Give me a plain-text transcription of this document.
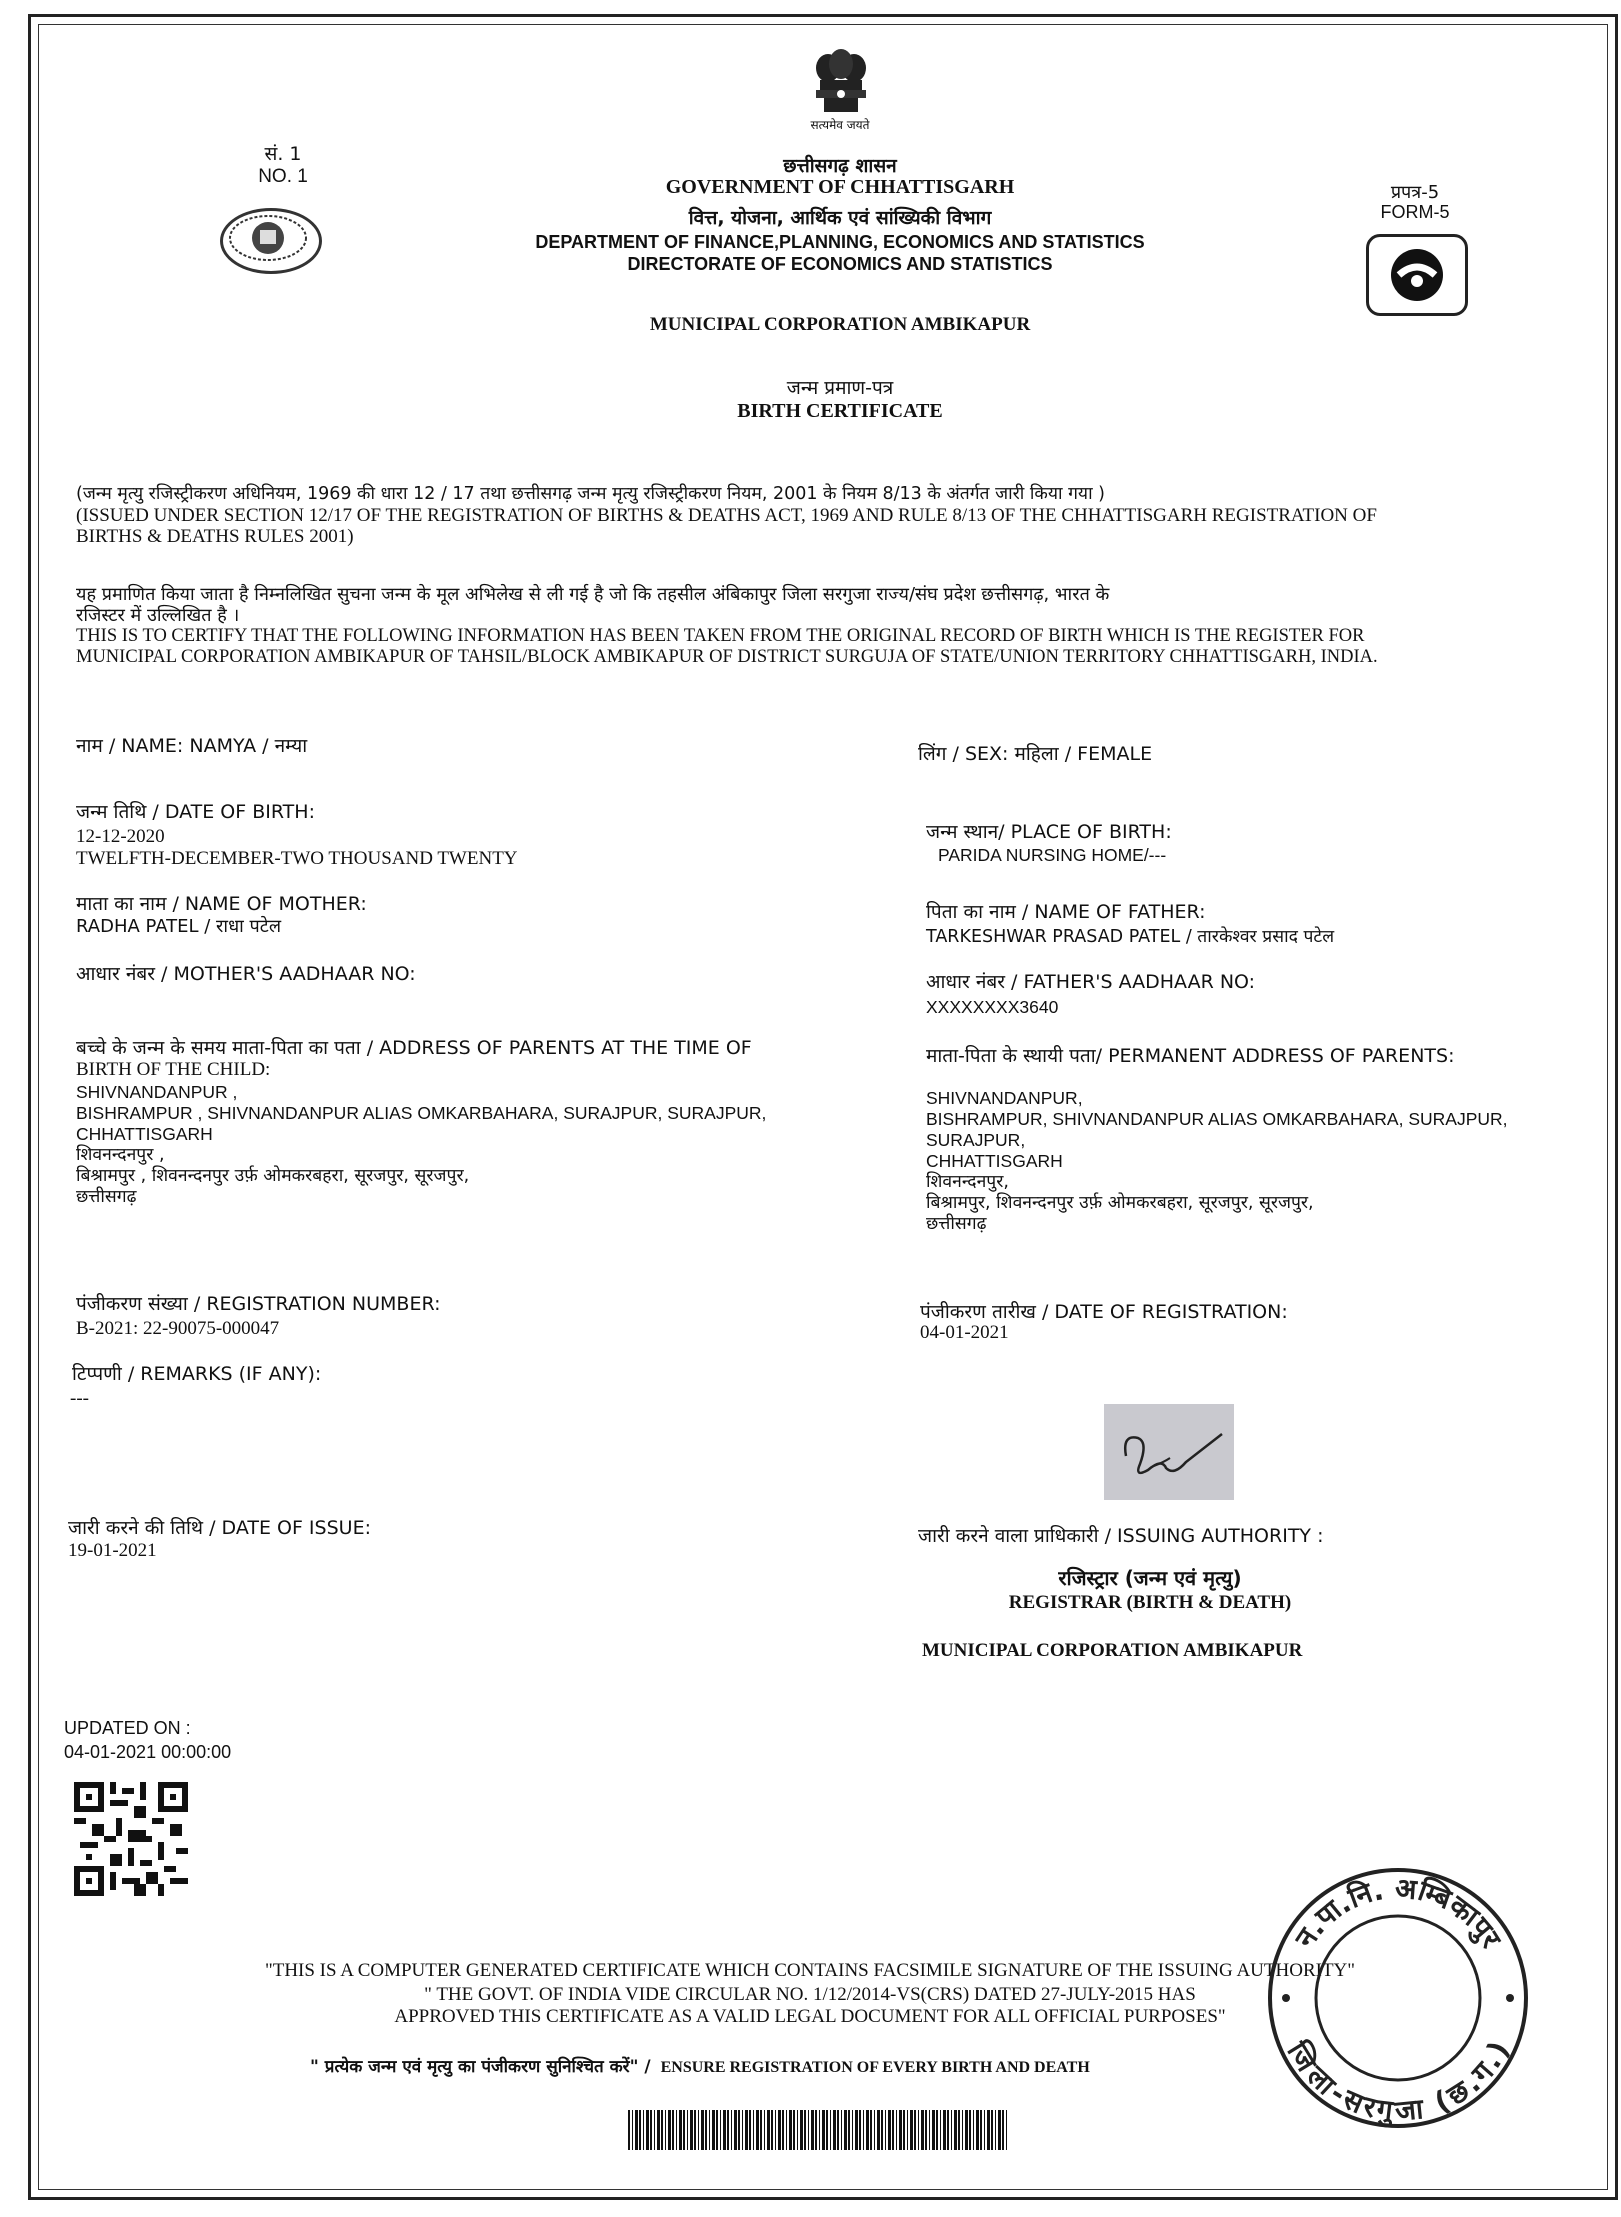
सत्यमेव जयते
सं. 1
NO. 1
प्रपत्र-5
FORM-5
छत्तीसगढ़ शासन
GOVERNMENT OF CHHATTISGARH
वित्त, योजना, आर्थिक एवं सांख्यिकी विभाग
DEPARTMENT OF FINANCE,PLANNING, ECONOMICS AND STATISTICS
DIRECTORATE OF ECONOMICS AND STATISTICS
MUNICIPAL CORPORATION AMBIKAPUR
जन्म प्रमाण-पत्र
BIRTH CERTIFICATE
(जन्म मृत्यु रजिस्ट्रीकरण अधिनियम, 1969 की धारा 12 / 17 तथा छत्तीसगढ़ जन्म मृत्यु रजिस्ट्रीकरण नियम, 2001 के नियम 8/13 के अंतर्गत जारी किया गया )
(ISSUED UNDER SECTION 12/17 OF THE REGISTRATION OF BIRTHS & DEATHS ACT, 1969 AND RULE 8/13 OF THE CHHATTISGARH REGISTRATION OF
BIRTHS & DEATHS RULES 2001)
यह प्रमाणित किया जाता है निम्नलिखित सुचना जन्म के मूल अभिलेख से ली गई है जो कि तहसील अंबिकापुर जिला सरगुजा राज्य/संघ प्रदेश छत्तीसगढ़, भारत के
रजिस्टर में उल्लिखित है ।
THIS IS TO CERTIFY THAT THE FOLLOWING INFORMATION HAS BEEN TAKEN FROM THE ORIGINAL RECORD OF BIRTH WHICH IS THE REGISTER FOR
MUNICIPAL CORPORATION AMBIKAPUR OF TAHSIL/BLOCK AMBIKAPUR OF DISTRICT SURGUJA OF STATE/UNION TERRITORY CHHATTISGARH, INDIA.
नाम / NAME: NAMYA / नम्या
जन्म तिथि / DATE OF BIRTH:
12-12-2020
TWELFTH-DECEMBER-TWO THOUSAND TWENTY
माता का नाम / NAME OF MOTHER:
RADHA PATEL / राधा पटेल
आधार नंबर / MOTHER'S AADHAAR NO:
बच्चे के जन्म के समय माता-पिता का पता / ADDRESS OF PARENTS AT THE TIME OF
BIRTH OF THE CHILD:
SHIVNANDANPUR ,
BISHRAMPUR , SHIVNANDANPUR ALIAS OMKARBAHARA, SURAJPUR, SURAJPUR,
CHHATTISGARH
शिवनन्दनपुर ,
बिश्रामपुर , शिवनन्दनपुर उर्फ़ ओमकरबहरा, सूरजपुर, सूरजपुर,
छत्तीसगढ़
पंजीकरण संख्या / REGISTRATION NUMBER:
B-2021: 22-90075-000047
टिप्पणी / REMARKS (IF ANY):
---
जारी करने की तिथि / DATE OF ISSUE:
19-01-2021
UPDATED ON :
04-01-2021 00:00:00
लिंग / SEX: महिला / FEMALE
जन्म स्थान/ PLACE OF BIRTH:
PARIDA NURSING HOME/---
पिता का नाम / NAME OF FATHER:
TARKESHWAR PRASAD PATEL / तारकेश्वर प्रसाद पटेल
आधार नंबर / FATHER'S AADHAAR NO:
XXXXXXXX3640
माता-पिता के स्थायी पता/ PERMANENT ADDRESS OF PARENTS:
SHIVNANDANPUR,
BISHRAMPUR, SHIVNANDANPUR ALIAS OMKARBAHARA, SURAJPUR,
SURAJPUR,
CHHATTISGARH
शिवनन्दनपुर,
बिश्रामपुर, शिवनन्दनपुर उर्फ़ ओमकरबहरा, सूरजपुर, सूरजपुर,
छत्तीसगढ़
पंजीकरण तारीख / DATE OF REGISTRATION:
04-01-2021
जारी करने वाला प्राधिकारी / ISSUING AUTHORITY :
रजिस्ट्रार (जन्म एवं मृत्यु)
REGISTRAR (BIRTH & DEATH)
MUNICIPAL CORPORATION AMBIKAPUR
"THIS IS A COMPUTER GENERATED CERTIFICATE WHICH CONTAINS FACSIMILE SIGNATURE OF THE ISSUING AUTHORITY"
" THE GOVT. OF INDIA VIDE CIRCULAR NO. 1/12/2014-VS(CRS) DATED 27-JULY-2015 HAS
APPROVED THIS CERTIFICATE AS A VALID LEGAL DOCUMENT FOR ALL OFFICIAL PURPOSES"
" प्रत्येक जन्म एवं मृत्यु का पंजीकरण सुनिश्चित करें" / ENSURE REGISTRATION OF EVERY BIRTH AND DEATH
न.पा.नि. अम्बिकापुर
जिला-सरगुजा (छ.ग.)
